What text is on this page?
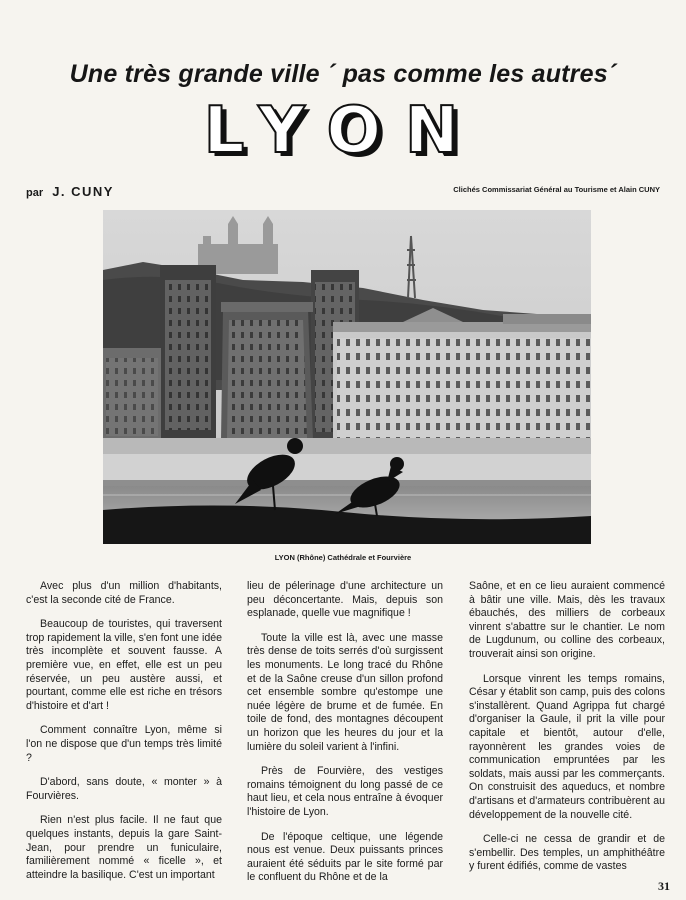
Une très grande ville ´ pas comme les autres´
LYON
par J. CUNY	Clichés Commissariat Général au Tourisme et Alain CUNY
LYON (Rhône) Cathédrale et Fourvière

Avec plus d'un million d'habitants, c'est la seconde cité de France.

Beaucoup de touristes, qui traversent trop rapidement la ville, s'en font une idée très incomplète et souvent fausse. A première vue, en effet, elle est un peu réservée, un peu austère aussi, et pourtant, comme elle est riche en trésors d'histoire et d'art !

Comment connaître Lyon, même si l'on ne dispose que d'un temps très limité ?

D'abord, sans doute, « monter » à Fourvières.

Rien n'est plus facile. Il ne faut que quelques instants, depuis la gare Saint-Jean, pour prendre un funiculaire, familièrement nommé « ficelle », et atteindre la basilique. C'est un important

lieu de pélerinage d'une architecture un peu déconcertante. Mais, depuis son esplanade, quelle vue magnifique !

Toute la ville est là, avec une masse très dense de toits serrés d'où surgissent les monuments. Le long tracé du Rhône et de la Saône creuse d'un sillon profond cet ensemble sombre qu'estompe une nuée légère de brume et de fumée. En toile de fond, des montagnes découpent un horizon que les heures du jour et la lumière du soleil varient à l'infini.

Près de Fourvière, des vestiges romains témoignent du long passé de ce haut lieu, et cela nous entraîne à évoquer l'histoire de Lyon.

De l'époque celtique, une légende nous est venue. Deux puissants princes auraient été séduits par le site formé par le confluent du Rhône et de la

Saône, et en ce lieu auraient commencé à bâtir une ville. Mais, dès les travaux ébauchés, des milliers de corbeaux vinrent s'abattre sur le chantier. Le nom de Lugdunum, ou colline des corbeaux, trouverait ainsi son origine.

Lorsque vinrent les temps romains, César y établit son camp, puis des colons s'installèrent. Quand Agrippa fut chargé d'organiser la Gaule, il prit la ville pour capitale et bientôt, autour d'elle, rayonnèrent les grandes voies de communication empruntées par les soldats, mais aussi par les commerçants. On construisit des aqueducs, et nombre d'artisans et d'armateurs contribuèrent au développement de la nouvelle cité.

Celle-ci ne cessa de grandir et de s'embellir. Des temples, un amphithéâtre y furent édifiés, comme de vastes

31
